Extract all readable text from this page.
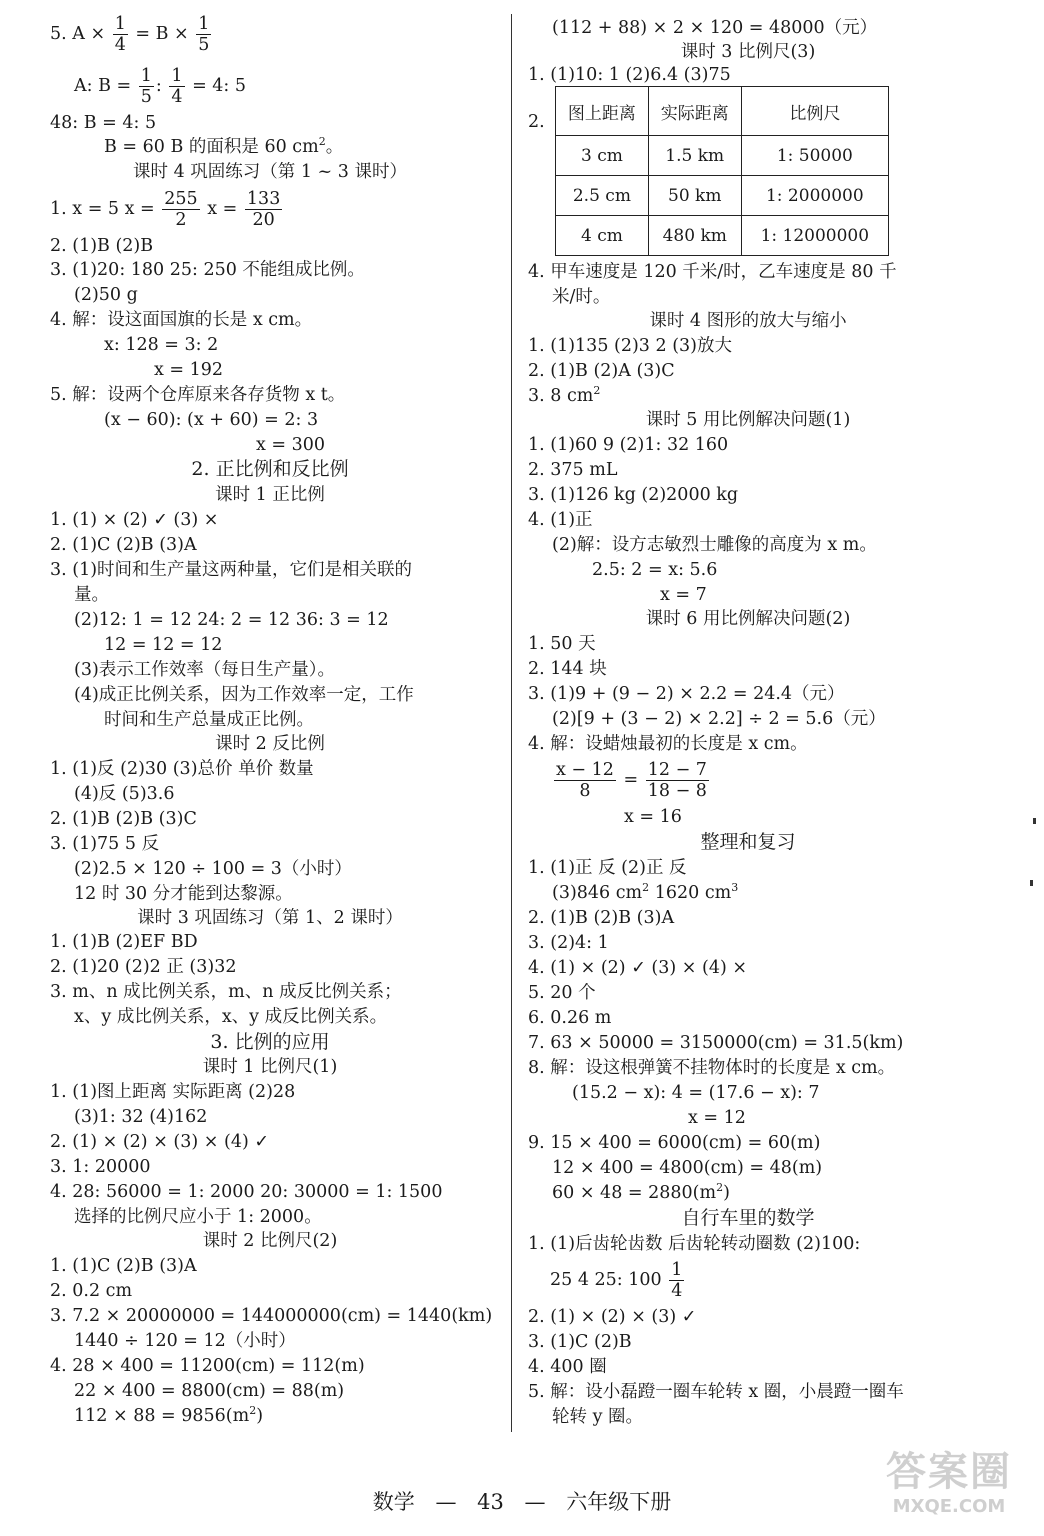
5. $A \times \frac{1}{4} = B \times \frac{1}{5}$
A: $B = \frac{1}{5}$ : $\frac{1}{4} = 4$: 5
48: B = 4: 5
B = 60 B 的面积是 60 $cm^2$。
课时 4 巩固练习（第 1 ~ 3 课时）
1. x = 5 $x = \frac{255}{2}$ $x = \frac{133}{20}$
2. (1)B (2)B
3. (1)20: 180 25: 250 不能组成比例。
(2)50 g
4. 解：设这面国旗的长是 x cm。
x: 128 = 3: 2
x = 192
5. 解：设两个仓库原来各存货物 x t。
(x − 60): (x + 60) = 2: 3
x = 300
2. 正比例和反比例
课时 1 正比例
1. (1) × (2) ✓ (3) ×
2. (1)C (2)B (3)A
3. (1)时间和生产量这两种量，它们是相关联的
量。
(2)12: 1 = 12 24: 2 = 12 36: 3 = 12
12 = 12 = 12
(3)表示工作效率（每日生产量）。
(4)成正比例关系，因为工作效率一定，工作
时间和生产总量成正比例。
课时 2 反比例
1. (1)反 (2)30 (3)总价 单价 数量
(4)反 (5)3.6
2. (1)B (2)B (3)C
3. (1)75 5 反
(2)2.5 × 120 ÷ 100 = 3（小时）
12 时 30 分才能到达黎源。
课时 3 巩固练习（第 1、2 课时）
1. (1)B (2)EF BD
2. (1)20 (2)2 正 (3)32
3. m、n 成比例关系，m、n 成反比例关系；
x、y 成比例关系，x、y 成反比例关系。
3. 比例的应用
课时 1 比例尺(1)
1. (1)图上距离 实际距离 (2)28
(3)1: 32 (4)162
2. (1) × (2) × (3) × (4) ✓
3. 1: 20000
4. 28: 56000 = 1: 2000 20: 30000 = 1: 1500
选择的比例尺应小于 1: 2000。
课时 2 比例尺(2)
1. (1)C (2)B (3)A
2. 0.2 cm
3. 7.2 × 20000000 = 144000000(cm) = 1440(km)
1440 ÷ 120 = 12（小时）
4. 28 × 400 = 11200(cm) = 112(m)
22 × 400 = 8800(cm) = 88(m)
$112 \times 88 = 9856(m^2)$
(112 + 88) × 2 × 120 = 48000（元）
课时 3 比例尺(3)
1. (1)10: 1 (2)6.4 (3)75
2. 图上距离	实际距离	比例尺
3 cm	1.5 km	1: 50000
2.5 cm	50 km	1: 2000000
4 cm	480 km	1: 12000000
4. 甲车速度是 120 千米/时，乙车速度是 80 千
米/时。
课时 4 图形的放大与缩小
1. (1)135 (2)3 2 (3)放大
2. (1)B (2)A (3)C
3. 8 $cm^2$
课时 5 用比例解决问题(1)
1. (1)60 9 (2)1: 32 160
2. 375 mL
3. (1)126 kg (2)2000 kg
4. (1)正
(2)解：设方志敏烈士雕像的高度为 x m。
2.5: 2 = x: 5.6
x = 7
课时 6 用比例解决问题(2)
1. 50 天
2. 144 块
3. (1)9 + (9 − 2) × 2.2 = 24.4（元）
(2)[9 + (3 − 2) × 2.2] ÷ 2 = 5.6（元）
4. 解：设蜡烛最初的长度是 x cm。
$\frac{x - 12}{8} = \frac{12 - 7}{18 - 8}$
x = 16
整理和复习
1. (1)正 反 (2)正 反
(3)846 $cm^2$ 1620 $cm^3$
2. (1)B (2)B (3)A
3. (2)4: 1
4. (1) × (2) ✓ (3) × (4) ×
5. 20 个
6. 0.26 m
7. 63 × 50000 = 3150000(cm) = 31.5(km)
8. 解：设这根弹簧不挂物体时的长度是 x cm。
(15.2 − x): 4 = (17.6 − x): 7
x = 12
9. 15 × 400 = 6000(cm) = 60(m)
12 × 400 = 4800(cm) = 48(m)
$60 \times 48 = 2880(m^2)$
自行车里的数学
1. (1)后齿轮齿数 后齿轮转动圈数 (2)100:
25 4 25: $100 \frac{1}{4}$
2. (1) × (2) × (3) ✓
3. (1)C (2)B
4. 400 圈
5. 解：设小磊蹬一圈车轮转 x 圈，小晨蹬一圈车
轮转 y 圈。
数学 — 43 — 六年级下册
答案圈
MXQE.COM
